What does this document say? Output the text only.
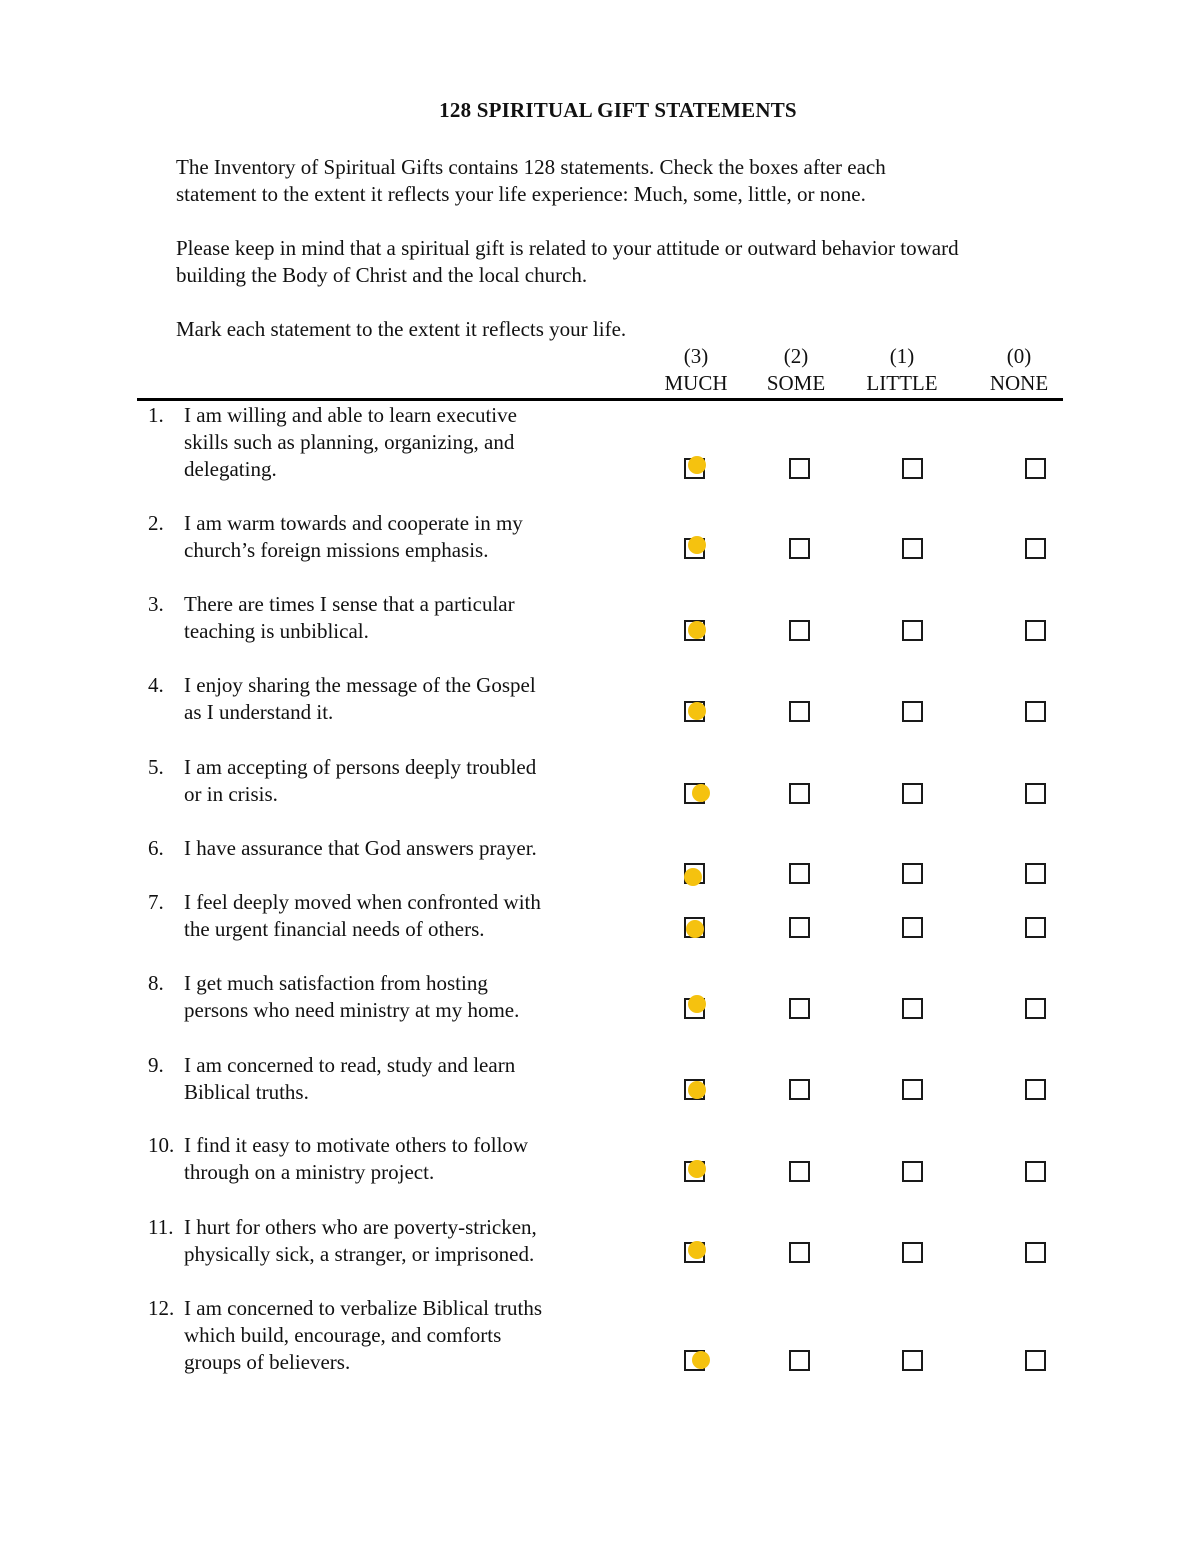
128 SPIRITUAL GIFT STATEMENTS
The Inventory of Spiritual Gifts contains 128 statements. Check the boxes after each
statement to the extent it reflects your life experience: Much, some, little, or none.
Please keep in mind that a spiritual gift is related to your attitude or outward behavior toward
building the Body of Christ and the local church.
Mark each statement to the extent it reflects your life.
(3)
MUCH
(2)
SOME
(1)
LITTLE
(0)
NONE
1. I am willing and able to learn executive
skills such as planning, organizing, and
delegating.
2. I am warm towards and cooperate in my
church’s foreign missions emphasis.
3. There are times I sense that a particular
teaching is unbiblical.
4. I enjoy sharing the message of the Gospel
as I understand it.
5. I am accepting of persons deeply troubled
or in crisis.
6. I have assurance that God answers prayer.
7. I feel deeply moved when confronted with
the urgent financial needs of others.
8. I get much satisfaction from hosting
persons who need ministry at my home.
9. I am concerned to read, study and learn
Biblical truths.
10. I find it easy to motivate others to follow
through on a ministry project.
11. I hurt for others who are poverty-stricken,
physically sick, a stranger, or imprisoned.
12. I am concerned to verbalize Biblical truths
which build, encourage, and comforts
groups of believers.
